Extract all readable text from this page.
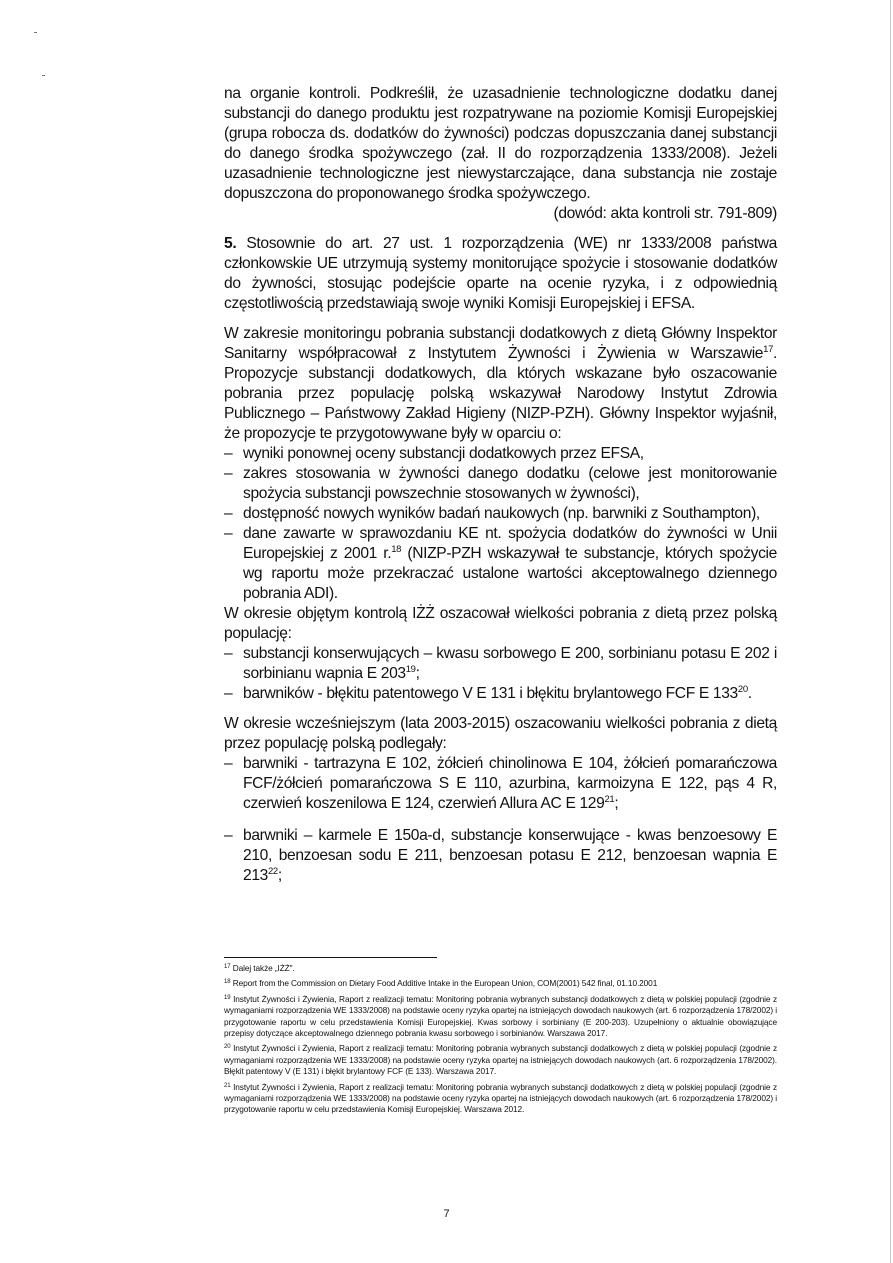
na organie kontroli. Podkreślił, że uzasadnienie technologiczne dodatku danej substancji do danego produktu jest rozpatrywane na poziomie Komisji Europejskiej (grupa robocza ds. dodatków do żywności) podczas dopuszczania danej substancji do danego środka spożywczego (zał. II do rozporządzenia 1333/2008). Jeżeli uzasadnienie technologiczne jest niewystarczające, dana substancja nie zostaje dopuszczona do proponowanego środka spożywczego.

(dowód: akta kontroli str. 791-809)

5. Stosownie do art. 27 ust. 1 rozporządzenia (WE) nr 1333/2008 państwa członkowskie UE utrzymują systemy monitorujące spożycie i stosowanie dodatków do żywności, stosując podejście oparte na ocenie ryzyka, i z odpowiednią częstotliwością przedstawiają swoje wyniki Komisji Europejskiej i EFSA.

W zakresie monitoringu pobrania substancji dodatkowych z dietą Główny Inspektor Sanitarny współpracował z Instytutem Żywności i Żywienia w Warszawie$^{17}$. Propozycje substancji dodatkowych, dla których wskazane było oszacowanie pobrania przez populację polską wskazywał Narodowy Instytut Zdrowia Publicznego – Państwowy Zakład Higieny (NIZP-PZH). Główny Inspektor wyjaśnił, że propozycje te przygotowywane były w oparciu o:

– wyniki ponownej oceny substancji dodatkowych przez EFSA,
– zakres stosowania w żywności danego dodatku (celowe jest monitorowanie spożycia substancji powszechnie stosowanych w żywności),
– dostępność nowych wyników badań naukowych (np. barwniki z Southampton),
– dane zawarte w sprawozdaniu KE nt. spożycia dodatków do żywności w Unii Europejskiej z 2001 r.$^{18}$ (NIZP-PZH wskazywał te substancje, których spożycie wg raportu może przekraczać ustalone wartości akceptowalnego dziennego pobrania ADI).

W okresie objętym kontrolą IŻŻ oszacował wielkości pobrania z dietą przez polską populację:

– substancji konserwujących – kwasu sorbowego E 200, sorbinianu potasu E 202 i sorbinianu wapnia E $203^{19}$;
– barwników - błękitu patentowego V E 131 i błękitu brylantowego FCF E $133^{20}$.

W okresie wcześniejszym (lata 2003-2015) oszacowaniu wielkości pobrania z dietą przez populację polską podlegały:

– barwniki - tartrazyna E 102, żółcień chinolinowa E 104, żółcień pomarańczowa FCF/żółcień pomarańczowa S E 110, azurbina, karmoizyna E 122, pąs 4 R, czerwień koszenilowa E 124, czerwień Allura AC E $129^{21}$;
– barwniki – karmele E 150a-d, substancje konserwujące - kwas benzoesowy E 210, benzoesan sodu E 211, benzoesan potasu E 212, benzoesan wapnia E $213^{22}$;

$^{17}$ Dalej także „IŻŻ".

$^{18}$ Report from the Commission on Dietary Food Additive Intake in the European Union, COM(2001) 542 final, 01.10.2001

$^{19}$ Instytut Żywności i Żywienia, Raport z realizacji tematu: Monitoring pobrania wybranych substancji dodatkowych z dietą w polskiej populacji (zgodnie z wymaganiami rozporządzenia WE 1333/2008) na podstawie oceny ryzyka opartej na istniejących dowodach naukowych (art. 6 rozporządzenia 178/2002) i przygotowanie raportu w celu przedstawienia Komisji Europejskiej. Kwas sorbowy i sorbiniany (E 200-203). Uzupełniony o aktualnie obowiązujące przepisy dotyczące akceptowalnego dziennego pobrania kwasu sorbowego i sorbinianów. Warszawa 2017.

$^{20}$ Instytut Żywności i Żywienia, Raport z realizacji tematu: Monitoring pobrania wybranych substancji dodatkowych z dietą w polskiej populacji (zgodnie z wymaganiami rozporządzenia WE 1333/2008) na podstawie oceny ryzyka opartej na istniejących dowodach naukowych (art. 6 rozporządzenia 178/2002). Błękit patentowy V (E 131) i błękit brylantowy FCF (E 133). Warszawa 2017.

$^{21}$ Instytut Żywności i Żywienia, Raport z realizacji tematu: Monitoring pobrania wybranych substancji dodatkowych z dietą w polskiej populacji (zgodnie z wymaganiami rozporządzenia WE 1333/2008) na podstawie oceny ryzyka opartej na istniejących dowodach naukowych (art. 6 rozporządzenia 178/2002) i przygotowanie raportu w celu przedstawienia Komisji Europejskiej. Warszawa 2012.

7
